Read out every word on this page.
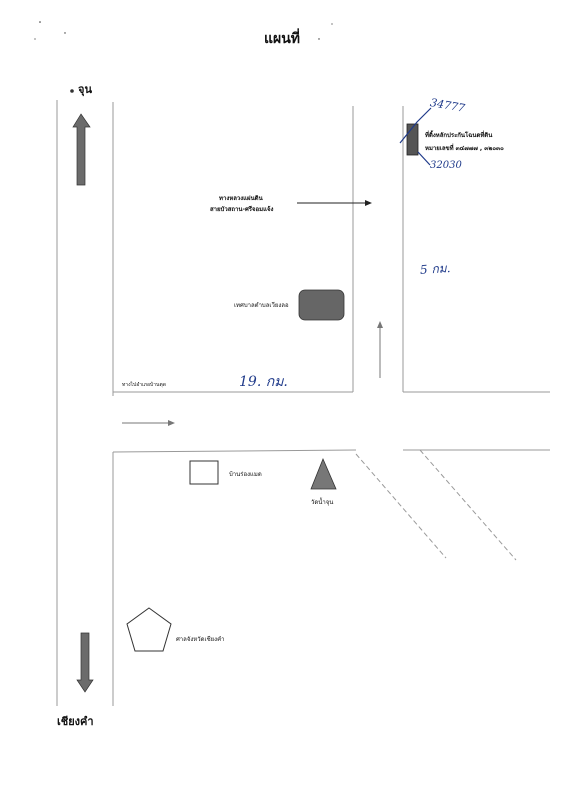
แผนที่
จุน
เชียงคำ
ทางหลวงแผ่นดิน
สายบัวสถาน-ศรีจอมแจ้ง
เทศบาลตำบลเวียงลอ
ทางไปอำเภอบ้านตุด
บ้านร่องแมด
วัดน้ำจุน
ศาลจังหวัดเชียงคำ
ที่ดิ้งหลักประกันโฉนดที่ดิน
หมายเลขที่ ๓๔๗๗๗ , ๓๒๐๓๐
34777
32030
5 กม.
19. กม.
